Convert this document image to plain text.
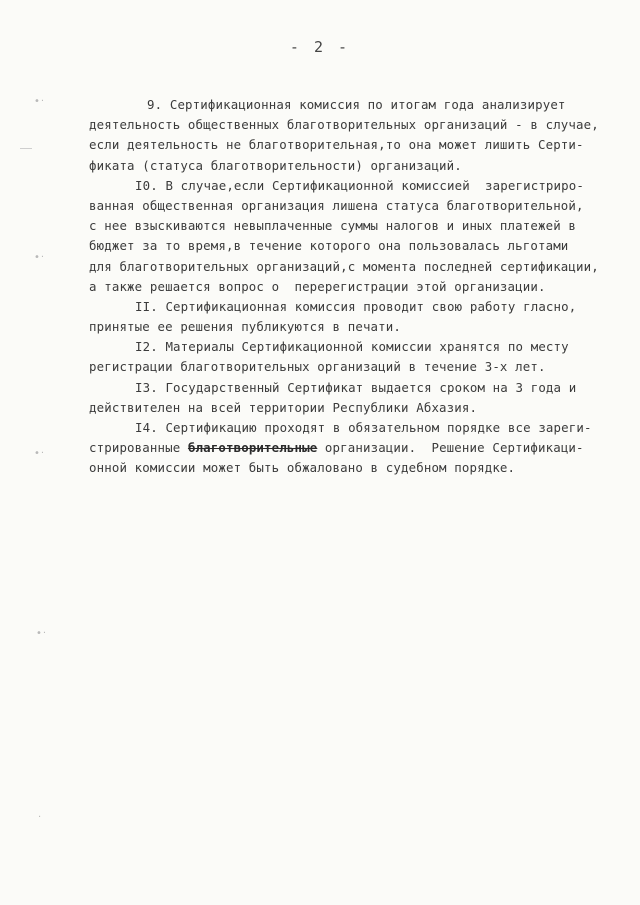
- 2 -
•·
•·
•·
•·
·
9. Сертификационная комиссия по итогам года анализирует
деятельность общественных благотворительных организаций - в случае,
если деятельность не благотворительная,то она может лишить Серти-
фиката (статуса благотворительности) организаций.
I0. В случае,если Сертификационной комиссией  зарегистриро-
ванная общественная организация лишена статуса благотворительной,
с нее взыскиваются невыплаченные суммы налогов и иных платежей в
бюджет за то время,в течение которого она пользовалась льготами
для благотворительных организаций,с момента последней сертификации,
а также решается вопрос о  перерегистрации этой организации.
II. Сертификационная комиссия проводит свою работу гласно,
принятые ее решения публикуются в печати.
I2. Материалы Сертификационной комиссии хранятся по месту
регистрации благотворительных организаций в течение 3-х лет.
I3. Государственный Сертификат выдается сроком на 3 года и
действителен на всей территории Республики Абхазия.
I4. Сертификацию проходят в обязательном порядке все зареги-
стрированные благотворительные организации.  Решение Сертификаци-
онной комиссии может быть обжаловано в судебном порядке.
